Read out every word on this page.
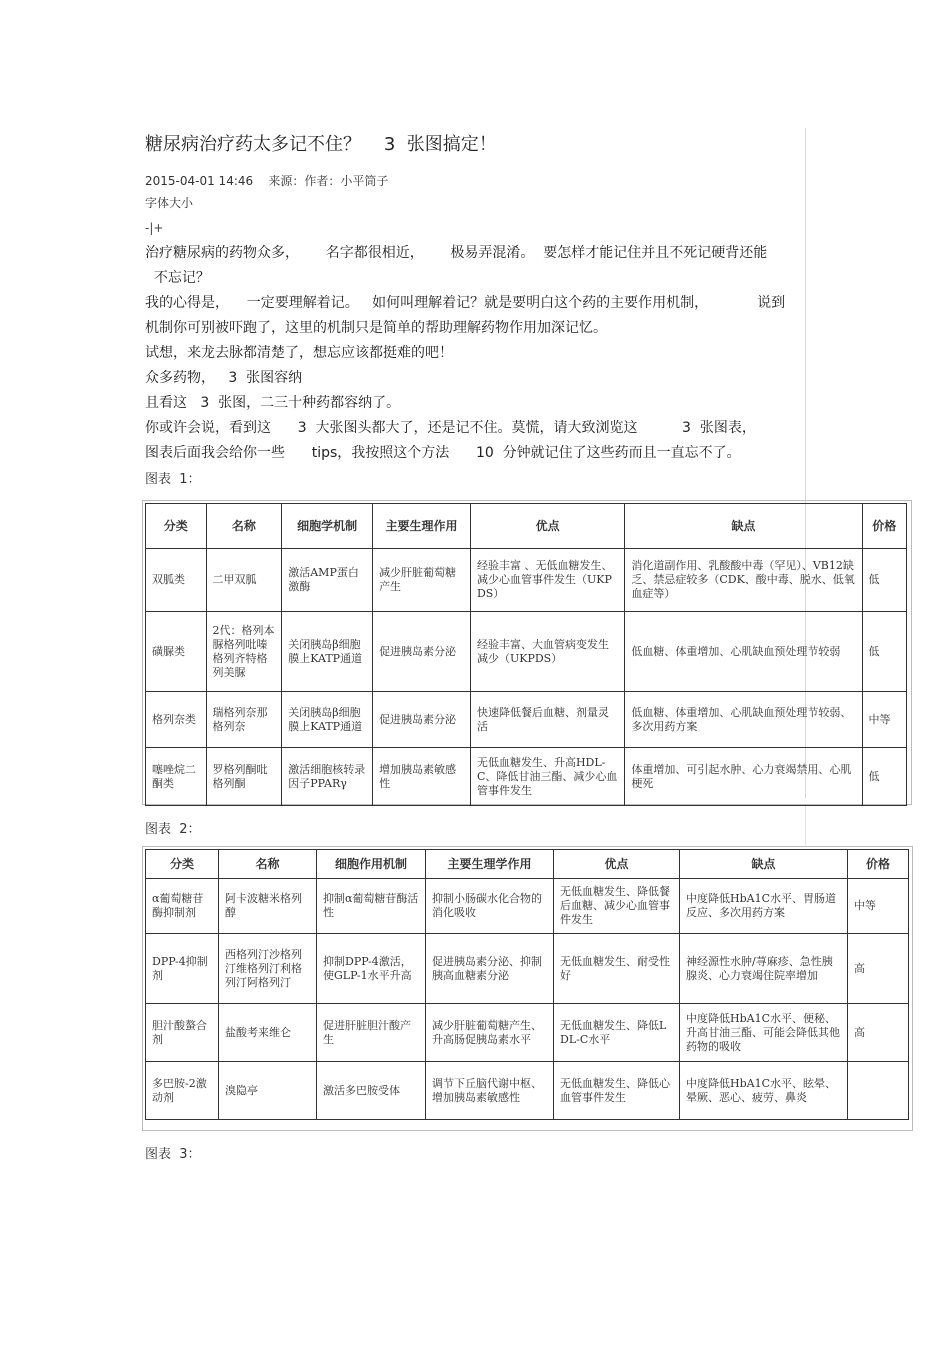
糖尿病治疗药太多记不住？    3  张图搞定！
2015-04-01 14:46    来源：作者：小平筒子
字体大小
-|+
治疗糖尿病的药物众多，      名字都很相近，      极易弄混淆。  要怎样才能记住并且不死记硬背还能
不忘记？
我的心得是，    一定要理解着记。   如何叫理解着记？就是要明白这个药的主要作用机制，           说到
机制你可别被吓跑了，这里的机制只是简单的帮助理解药物作用加深记忆。
试想，来龙去脉都清楚了，想忘应该都挺难的吧！
众多药物，   3  张图容纳
且看这   3  张图，二三十种药都容纳了。
你或许会说，看到这      3  大张图头都大了，还是记不住。莫慌，请大致浏览这          3  张图表，
图表后面我会给你一些      tips，我按照这个方法      10  分钟就记住了这些药而且一直忘不了。
图表  1：
分类	名称	细胞学机制	主要生理作用	优点	缺点	价格
双胍类	二甲双胍	激活AMP蛋白激酶	减少肝脏葡萄糖产生	经验丰富 、无低血糖发生、减少心血管事件发生（UKPDS）	消化道副作用、乳酸酸中毒（罕见）、VB12缺乏、禁忌症较多（CDK、酸中毒、脱水、低氧血症等）	低
磺脲类	2代：格列本脲格列吡嗪格列齐特格列美脲	关闭胰岛β细胞膜上KATP通道	促进胰岛素分泌	经验丰富、大血管病变发生减少（UKPDS）	低血糖、体重增加、心肌缺血预处理节较弱	低
格列奈类	瑞格列奈那格列奈	关闭胰岛β细胞膜上KATP通道	促进胰岛素分泌	快速降低餐后血糖、剂量灵活	低血糖、体重增加、心肌缺血预处理节较弱、多次用药方案	中等
噻唑烷二酮类	罗格列酮吡格列酮	激活细胞核转录因子PPARγ	增加胰岛素敏感性	无低血糖发生、升高HDL-C、降低甘油三酯、减少心血管事件发生	体重增加、可引起水肿、心力衰竭禁用、心肌梗死	低
图表  2：
分类	名称	细胞作用机制	主要生理学作用	优点	缺点	价格
α葡萄糖苷酶抑制剂	阿卡波糖米格列醇	抑制α葡萄糖苷酶活性	抑制小肠碳水化合物的消化吸收	无低血糖发生、降低餐后血糖、减少心血管事件发生	中度降低HbA1C水平、胃肠道反应、多次用药方案	中等
DPP-4抑制剂	西格列汀沙格列汀维格列汀利格列汀阿格列汀	抑制DPP-4激活，使GLP-1水平升高	促进胰岛素分泌、抑制胰高血糖素分泌	无低血糖发生、耐受性好	神经源性水肿/荨麻疹、急性胰腺炎、心力衰竭住院率增加	高
胆汁酸螯合剂	盐酸考来维仑	促进肝脏胆汁酸产生	减少肝脏葡萄糖产生、升高肠促胰岛素水平	无低血糖发生、降低LDL-C水平	中度降低HbA1C水平、便秘、升高甘油三酯、可能会降低其他药物的吸收	高
多巴胺-2激动剂	溴隐亭	激活多巴胺受体	调节下丘脑代谢中枢、增加胰岛素敏感性	无低血糖发生、降低心血管事件发生	中度降低HbA1C水平、眩晕、晕厥、恶心、疲劳、鼻炎	
图表  3：
